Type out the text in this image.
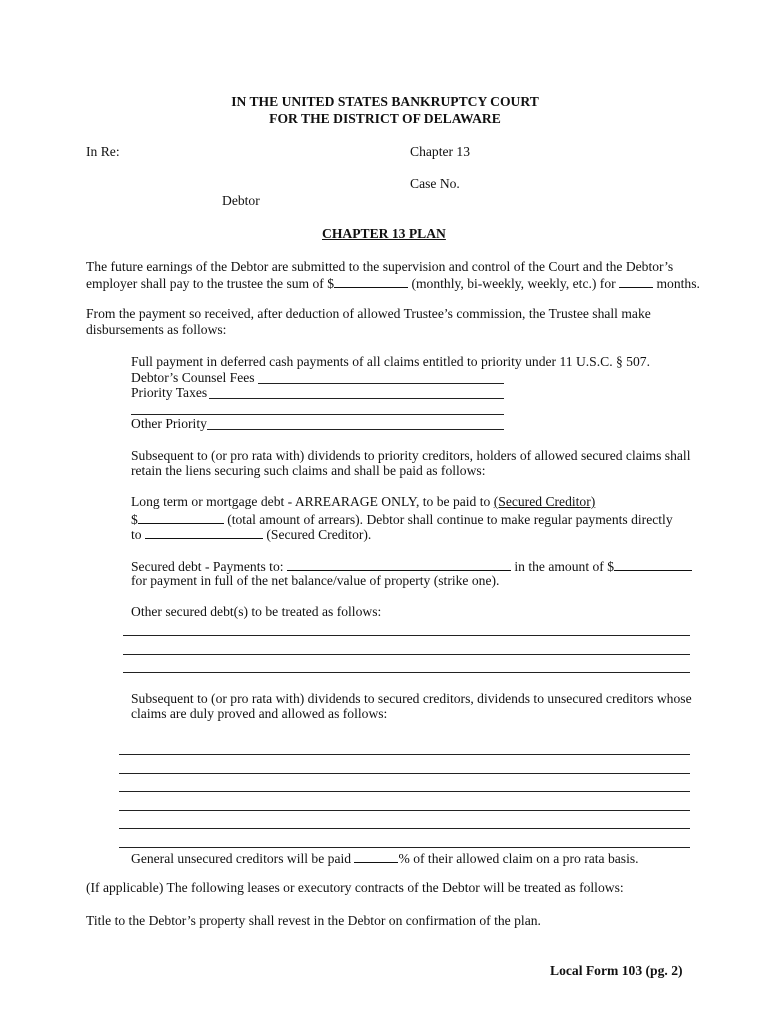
IN THE UNITED STATES BANKRUPTCY COURT
FOR THE DISTRICT OF DELAWARE
In Re:	Chapter 13
Case No.
Debtor
CHAPTER 13 PLAN
The future earnings of the Debtor are submitted to the supervision and control of the Court and the Debtor’s
employer shall pay to the trustee the sum of $	(monthly, bi-weekly, weekly, etc.) for	months.
From the payment so received, after deduction of allowed Trustee’s commission, the Trustee shall make
disbursements as follows:
Full payment in deferred cash payments of all claims entitled to priority under 11 U.S.C. § 507.
Debtor’s Counsel Fees
Priority Taxes
Other Priority
Subsequent to (or pro rata with) dividends to priority creditors, holders of allowed secured claims shall
retain the liens securing such claims and shall be paid as follows:
Long term or mortgage debt - ARREARAGE ONLY, to be paid to (Secured Creditor)
$	(total amount of arrears). Debtor shall continue to make regular payments directly
to	(Secured Creditor).
Secured debt - Payments to:	in the amount of $
for payment in full of the net balance/value of property (strike one).
Other secured debt(s) to be treated as follows:
Subsequent to (or pro rata with) dividends to secured creditors, dividends to unsecured creditors whose
claims are duly proved and allowed as follows:
General unsecured creditors will be paid	% of their allowed claim on a pro rata basis.
(If applicable) The following leases or executory contracts of the Debtor will be treated as follows:
Title to the Debtor’s property shall revest in the Debtor on confirmation of the plan.
Local Form 103 (pg. 2)
